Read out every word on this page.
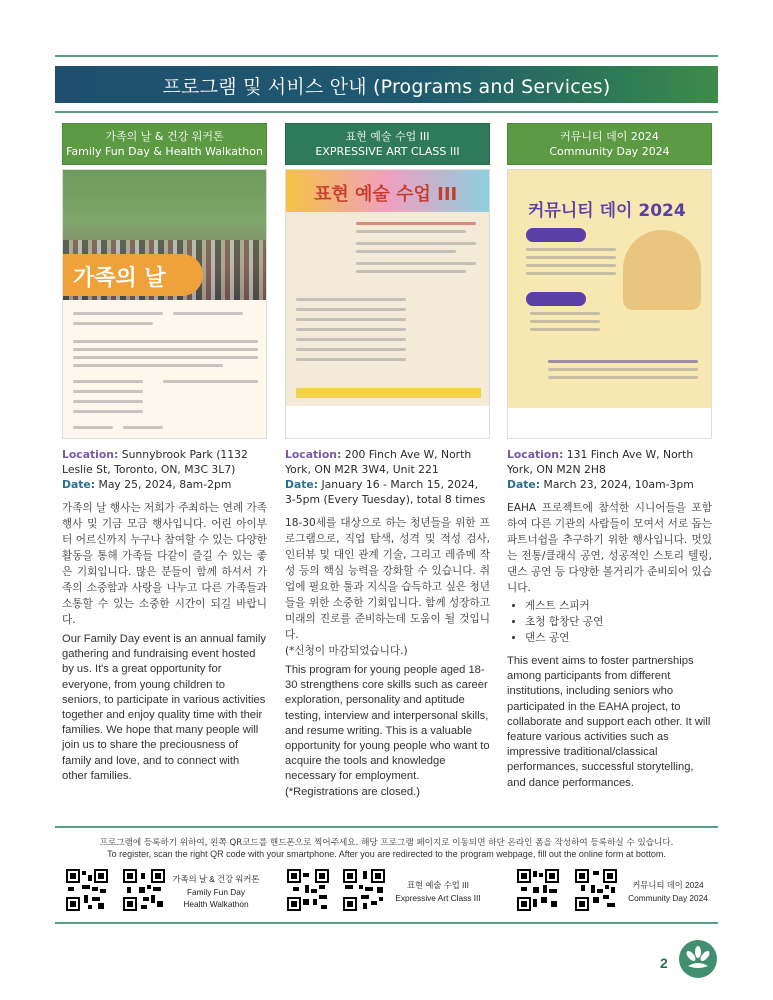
프로그램 및 서비스 안내 (Programs and Services)
가족의 날 & 건강 워커톤
Family Fun Day & Health Walkathon
가족의 날
Location: Sunnybrook Park (1132 Leslie St, Toronto, ON, M3C 3L7)
Date: May 25, 2024, 8am-2pm
가족의 날 행사는 저희가 주최하는 연례 가족 행사 및 기금 모금 행사입니다. 어린 아이부터 어르신까지 누구나 참여할 수 있는 다양한 활동을 통해 가족들 다같이 즐길 수 있는 좋은 기회입니다. 많은 분들이 함께 하셔서 가족의 소중함과 사랑을 나누고 다른 가족들과 소통할 수 있는 소중한 시간이 되길 바랍니다.
Our Family Day event is an annual family gathering and fundraising event hosted by us. It's a great opportunity for everyone, from young children to seniors, to participate in various activities together and enjoy quality time with their families. We hope that many people will join us to share the preciousness of family and love, and to connect with other families.
표현 예술 수업 III
EXPRESSIVE ART CLASS III
표현 예술 수업 III
Location: 200 Finch Ave W, North York, ON M2R 3W4, Unit 221
Date: January 16 - March 15, 2024, 3-5pm (Every Tuesday), total 8 times
18-30세를 대상으로 하는 청년들을 위한 프로그램으로, 직업 탐색, 성격 및 적성 검사, 인터뷰 및 대인 관계 기술, 그리고 레쥬메 작성 등의 핵심 능력을 강화할 수 있습니다. 취업에 필요한 툴과 지식을 습득하고 싶은 청년들을 위한 소중한 기회입니다. 함께 성장하고 미래의 진로를 준비하는데 도움이 될 것입니다.
(*신청이 마감되었습니다.)
This program for young people aged 18-30 strengthens core skills such as career exploration, personality and aptitude testing, interview and interpersonal skills, and resume writing. This is a valuable opportunity for young people who want to acquire the tools and knowledge necessary for employment.
(*Registrations are closed.)
커뮤니티 데이 2024
Community Day 2024
커뮤니티 데이 2024
Location: 131 Finch Ave W, North York, ON M2N 2H8
Date: March 23, 2024, 10am-3pm
EAHA 프로젝트에 참석한 시니어들을 포함하여 다른 기관의 사람들이 모여서 서로 돕는 파트너쉽을 추구하기 위한 행사입니다. 멋있는 전통/클래식 공연, 성공적인 스토리 텔링, 댄스 공연 등 다양한 볼거리가 준비되어 있습니다.
• 게스트 스피커
• 초청 합창단 공연
• 댄스 공연
This event aims to foster partnerships among participants from different institutions, including seniors who participated in the EAHA project, to collaborate and support each other. It will feature various activities such as impressive traditional/classical performances, successful storytelling, and dance performances.
프로그램에 등록하기 위하여, 왼쪽 QR코드를 핸드폰으로 찍어주세요. 해당 프로그램 페이지로 이동되면 하단 온라인 폼을 작성하여 등록하실 수 있습니다.
To register, scan the right QR code with your smartphone. After you are redirected to the program webpage, fill out the online form at bottom.
가족의 날 & 건강 워커톤
Family Fun Day
Health Walkathon
표현 예술 수업 III
Expressive Art Class III
커뮤니티 데이 2024
Community Day 2024
2
